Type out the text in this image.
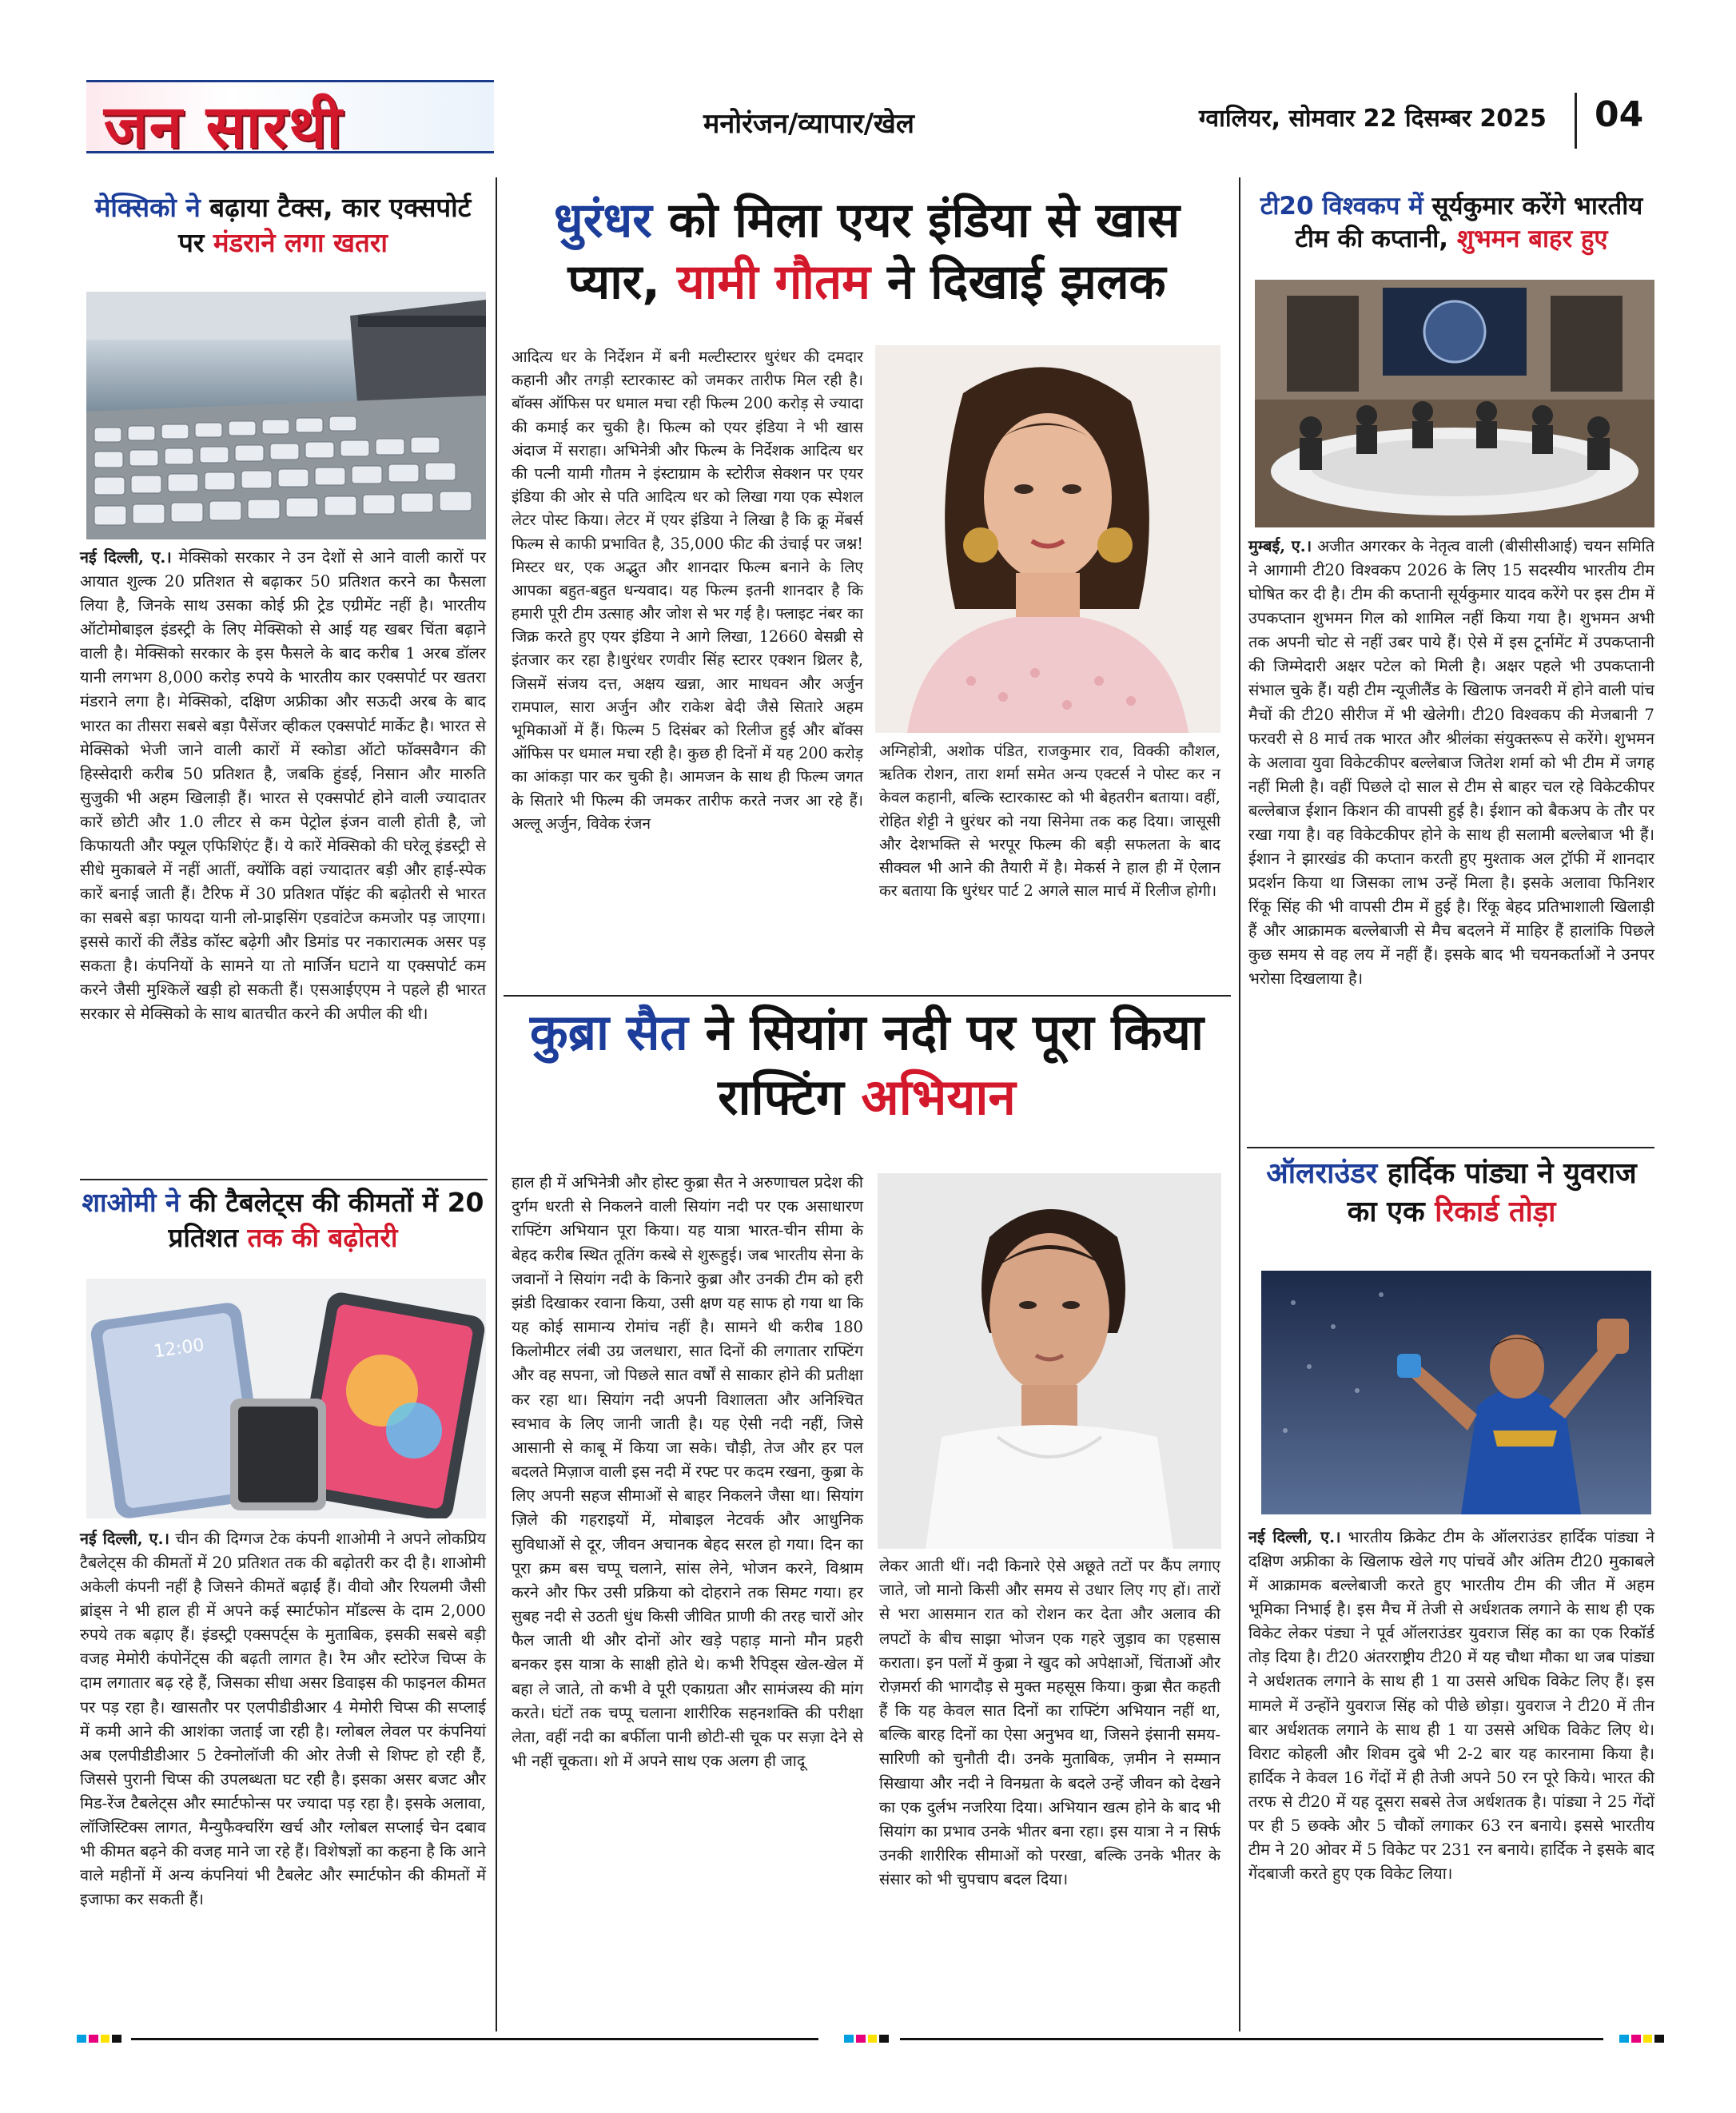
जन सारथी	मनोरंजन/व्यापार/खेल	ग्वालियर, सोमवार 22 दिसम्बर 2025 04
मेक्सिको ने बढ़ाया टैक्स, कार एक्सपोर्ट पर मंडराने लगा खतरा
नई दिल्ली, ए.। मेक्सिको सरकार ने उन देशों से आने वाली कारों पर आयात शुल्क 20 प्रतिशत से बढ़ाकर 50 प्रतिशत करने का फैसला लिया है, जिनके साथ उसका कोई फ्री ट्रेड एग्रीमेंट नहीं है। भारतीय ऑटोमोबाइल इंडस्ट्री के लिए मेक्सिको से आई यह खबर चिंता बढ़ाने वाली है। मेक्सिको सरकार के इस फैसले के बाद करीब 1 अरब डॉलर यानी लगभग 8,000 करोड़ रुपये के भारतीय कार एक्सपोर्ट पर खतरा मंडराने लगा है। मेक्सिको, दक्षिण अफ्रीका और सऊदी अरब के बाद भारत का तीसरा सबसे बड़ा पैसेंजर व्हीकल एक्सपोर्ट मार्केट है। भारत से मेक्सिको भेजी जाने वाली कारों में स्कोडा ऑटो फॉक्सवैगन की हिस्सेदारी करीब 50 प्रतिशत है, जबकि हुंडई, निसान और मारुति सुजुकी भी अहम खिलाड़ी हैं। भारत से एक्सपोर्ट होने वाली ज्यादातर कारें छोटी और 1.0 लीटर से कम पेट्रोल इंजन वाली होती है, जो किफायती और फ्यूल एफिशिएंट हैं। ये कारें मेक्सिको की घरेलू इंडस्ट्री से सीधे मुकाबले में नहीं आतीं, क्योंकि वहां ज्यादातर बड़ी और हाई-स्पेक कारें बनाई जाती हैं। टैरिफ में 30 प्रतिशत पॉइंट की बढ़ोतरी से भारत का सबसे बड़ा फायदा यानी लो-प्राइसिंग एडवांटेज कमजोर पड़ जाएगा। इससे कारों की लैंडेड कॉस्ट बढ़ेगी और डिमांड पर नकारात्मक असर पड़ सकता है। कंपनियों के सामने या तो मार्जिन घटाने या एक्सपोर्ट कम करने जैसी मुश्किलें खड़ी हो सकती हैं। एसआईएएम ने पहले ही भारत सरकार से मेक्सिको के साथ बातचीत करने की अपील की थी।
शाओमी ने की टैबलेट्स की कीमतों में 20 प्रतिशत तक की बढ़ोतरी
12:00
नई दिल्ली, ए.। चीन की दिग्गज टेक कंपनी शाओमी ने अपने लोकप्रिय टैबलेट्स की कीमतों में 20 प्रतिशत तक की बढ़ोतरी कर दी है। शाओमी अकेली कंपनी नहीं है जिसने कीमतें बढ़ाईं हैं। वीवो और रियलमी जैसी ब्रांड्स ने भी हाल ही में अपने कई स्मार्टफोन मॉडल्स के दाम 2,000 रुपये तक बढ़ाए हैं। इंडस्ट्री एक्सपर्ट्स के मुताबिक, इसकी सबसे बड़ी वजह मेमोरी कंपोनेंट्स की बढ़ती लागत है। रैम और स्टोरेज चिप्स के दाम लगातार बढ़ रहे हैं, जिसका सीधा असर डिवाइस की फाइनल कीमत पर पड़ रहा है। खासतौर पर एलपीडीडीआर 4 मेमोरी चिप्स की सप्लाई में कमी आने की आशंका जताई जा रही है। ग्लोबल लेवल पर कंपनियां अब एलपीडीडीआर 5 टेक्नोलॉजी की ओर तेजी से शिफ्ट हो रही हैं, जिससे पुरानी चिप्स की उपलब्धता घट रही है। इसका असर बजट और मिड-रेंज टैबलेट्स और स्मार्टफोन्स पर ज्यादा पड़ रहा है। इसके अलावा, लॉजिस्टिक्स लागत, मैन्युफैक्चरिंग खर्च और ग्लोबल सप्लाई चेन दबाव भी कीमत बढ़ने की वजह माने जा रहे हैं। विशेषज्ञों का कहना है कि आने वाले महीनों में अन्य कंपनियां भी टैबलेट और स्मार्टफोन की कीमतों में इजाफा कर सकती हैं।
धुरंधर को मिला एयर इंडिया से खास प्यार, यामी गौतम ने दिखाई झलक
आदित्य धर के निर्देशन में बनी मल्टीस्टारर धुरंधर की दमदार कहानी और तगड़ी स्टारकास्ट को जमकर तारीफ मिल रही है। बॉक्स ऑफिस पर धमाल मचा रही फिल्म 200 करोड़ से ज्यादा की कमाई कर चुकी है। फिल्म को एयर इंडिया ने भी खास अंदाज में सराहा। अभिनेत्री और फिल्म के निर्देशक आदित्य धर की पत्नी यामी गौतम ने इंस्टाग्राम के स्टोरीज सेक्शन पर एयर इंडिया की ओर से पति आदित्य धर को लिखा गया एक स्पेशल लेटर पोस्ट किया। लेटर में एयर इंडिया ने लिखा है कि क्रू मेंबर्स फिल्म से काफी प्रभावित है, 35,000 फीट की उंचाई पर जश्न! मिस्टर धर, एक अद्भुत और शानदार फिल्म बनाने के लिए आपका बहुत-बहुत धन्यवाद। यह फिल्म इतनी शानदार है कि हमारी पूरी टीम उत्साह और जोश से भर गई है। फ्लाइट नंबर का जिक्र करते हुए एयर इंडिया ने आगे लिखा, 12660 बेसब्री से इंतजार कर रहा है।धुरंधर रणवीर सिंह स्टारर एक्शन थ्रिलर है, जिसमें संजय दत्त, अक्षय खन्ना, आर माधवन और अर्जुन रामपाल, सारा अर्जुन और राकेश बेदी जैसे सितारे अहम भूमिकाओं में हैं। फिल्म 5 दिसंबर को रिलीज हुई और बॉक्स ऑफिस पर धमाल मचा रही है। कुछ ही दिनों में यह 200 करोड़ का आंकड़ा पार कर चुकी है। आमजन के साथ ही फिल्म जगत के सितारे भी फिल्म की जमकर तारीफ करते नजर आ रहे हैं। अल्लू अर्जुन, विवेक रंजन
अग्निहोत्री, अशोक पंडित, राजकुमार राव, विक्की कौशल, ऋतिक रोशन, तारा शर्मा समेत अन्य एक्टर्स ने पोस्ट कर न केवल कहानी, बल्कि स्टारकास्ट को भी बेहतरीन बताया। वहीं, रोहित शेट्टी ने धुरंधर को नया सिनेमा तक कह दिया। जासूसी और देशभक्ति से भरपूर फिल्म की बड़ी सफलता के बाद सीक्वल भी आने की तैयारी में है। मेकर्स ने हाल ही में ऐलान कर बताया कि धुरंधर पार्ट 2 अगले साल मार्च में रिलीज होगी।
कुब्रा सैत ने सियांग नदी पर पूरा किया राफ्टिंग अभियान
हाल ही में अभिनेत्री और होस्ट कुब्रा सैत ने अरुणाचल प्रदेश की दुर्गम धरती से निकलने वाली सियांग नदी पर एक असाधारण राफ्टिंग अभियान पूरा किया। यह यात्रा भारत-चीन सीमा के बेहद करीब स्थित तूतिंग कस्बे से शुरूहुई। जब भारतीय सेना के जवानों ने सियांग नदी के किनारे कुब्रा और उनकी टीम को हरी झंडी दिखाकर रवाना किया, उसी क्षण यह साफ हो गया था कि यह कोई सामान्य रोमांच नहीं है। सामने थी करीब 180 किलोमीटर लंबी उग्र जलधारा, सात दिनों की लगातार राफ्टिंग और वह सपना, जो पिछले सात वर्षों से साकार होने की प्रतीक्षा कर रहा था। सियांग नदी अपनी विशालता और अनिश्चित स्वभाव के लिए जानी जाती है। यह ऐसी नदी नहीं, जिसे आसानी से काबू में किया जा सके। चौड़ी, तेज और हर पल बदलते मिज़ाज वाली इस नदी में रफ्ट पर कदम रखना, कुब्रा के लिए अपनी सहज सीमाओं से बाहर निकलने जैसा था। सियांग ज़िले की गहराइयों में, मोबाइल नेटवर्क और आधुनिक सुविधाओं से दूर, जीवन अचानक बेहद सरल हो गया। दिन का पूरा क्रम बस चप्पू चलाने, सांस लेने, भोजन करने, विश्राम करने और फिर उसी प्रक्रिया को दोहराने तक सिमट गया। हर सुबह नदी से उठती धुंध किसी जीवित प्राणी की तरह चारों ओर फैल जाती थी और दोनों ओर खड़े पहाड़ मानो मौन प्रहरी बनकर इस यात्रा के साक्षी होते थे। कभी रैपिड्स खेल-खेल में बहा ले जाते, तो कभी वे पूरी एकाग्रता और सामंजस्य की मांग करते। घंटों तक चप्पू चलाना शारीरिक सहनशक्ति की परीक्षा लेता, वहीं नदी का बर्फीला पानी छोटी-सी चूक पर सज़ा देने से भी नहीं चूकता। शो में अपने साथ एक अलग ही जादू
लेकर आती थीं। नदी किनारे ऐसे अछूते तटों पर कैंप लगाए जाते, जो मानो किसी और समय से उधार लिए गए हों। तारों से भरा आसमान रात को रोशन कर देता और अलाव की लपटों के बीच साझा भोजन एक गहरे जुड़ाव का एहसास कराता। इन पलों में कुब्रा ने खुद को अपेक्षाओं, चिंताओं और रोज़मर्रा की भागदौड़ से मुक्त महसूस किया। कुब्रा सैत कहती हैं कि यह केवल सात दिनों का राफ्टिंग अभियान नहीं था, बल्कि बारह दिनों का ऐसा अनुभव था, जिसने इंसानी समय-सारिणी को चुनौती दी। उनके मुताबिक, ज़मीन ने सम्मान सिखाया और नदी ने विनम्रता के बदले उन्हें जीवन को देखने का एक दुर्लभ नजरिया दिया। अभियान खत्म होने के बाद भी सियांग का प्रभाव उनके भीतर बना रहा। इस यात्रा ने न सिर्फ उनकी शारीरिक सीमाओं को परखा, बल्कि उनके भीतर के संसार को भी चुपचाप बदल दिया।
टी20 विश्वकप में सूर्यकुमार करेंगे भारतीय टीम की कप्तानी, शुभमन बाहर हुए
मुम्बई, ए.। अजीत अगरकर के नेतृत्व वाली (बीसीसीआई) चयन समिति ने आगामी टी20 विश्वकप 2026 के लिए 15 सदस्यीय भारतीय टीम घोषित कर दी है। टीम की कप्तानी सूर्यकुमार यादव करेंगे पर इस टीम में उपकप्तान शुभमन गिल को शामिल नहीं किया गया है। शुभमन अभी तक अपनी चोट से नहीं उबर पाये हैं। ऐसे में इस टूर्नामेंट में उपकप्तानी की जिम्मेदारी अक्षर पटेल को मिली है। अक्षर पहले भी उपकप्तानी संभाल चुके हैं। यही टीम न्यूजीलैंड के खिलाफ जनवरी में होने वाली पांच मैचों की टी20 सीरीज में भी खेलेगी। टी20 विश्वकप की मेजबानी 7 फरवरी से 8 मार्च तक भारत और श्रीलंका संयुक्तरूप से करेंगे। शुभमन के अलावा युवा विकेटकीपर बल्लेबाज जितेश शर्मा को भी टीम में जगह नहीं मिली है। वहीं पिछले दो साल से टीम से बाहर चल रहे विकेटकीपर बल्लेबाज ईशान किशन की वापसी हुई है। ईशान को बैकअप के तौर पर रखा गया है। वह विकेटकीपर होने के साथ ही सलामी बल्लेबाज भी हैं। ईशान ने झारखंड की कप्तान करती हुए मुश्ताक अल ट्रॉफी में शानदार प्रदर्शन किया था जिसका लाभ उन्हें मिला है। इसके अलावा फिनिशर रिंकू सिंह की भी वापसी टीम में हुई है। रिंकू बेहद प्रतिभाशाली खिलाड़ी हैं और आक्रामक बल्लेबाजी से मैच बदलने में माहिर हैं हालांकि पिछले कुछ समय से वह लय में नहीं हैं। इसके बाद भी चयनकर्ताओं ने उनपर भरोसा दिखलाया है।
ऑलराउंडर हार्दिक पांड्या ने युवराज का एक रिकार्ड तोड़ा
नई दिल्ली, ए.। भारतीय क्रिकेट टीम के ऑलराउंडर हार्दिक पांड्या ने दक्षिण अफ्रीका के खिलाफ खेले गए पांचवें और अंतिम टी20 मुकाबले में आक्रामक बल्लेबाजी करते हुए भारतीय टीम की जीत में अहम भूमिका निभाई है। इस मैच में तेजी से अर्धशतक लगाने के साथ ही एक विकेट लेकर पंड्या ने पूर्व ऑलराउंडर युवराज सिंह का का एक रिकॉर्ड तोड़ दिया है। टी20 अंतरराष्ट्रीय टी20 में यह चौथा मौका था जब पांड्या ने अर्धशतक लगाने के साथ ही 1 या उससे अधिक विकेट लिए हैं। इस मामले में उन्होंने युवराज सिंह को पीछे छोड़ा। युवराज ने टी20 में तीन बार अर्धशतक लगाने के साथ ही 1 या उससे अधिक विकेट लिए थे। विराट कोहली और शिवम दुबे भी 2-2 बार यह कारनामा किया है। हार्दिक ने केवल 16 गेंदों में ही तेजी अपने 50 रन पूरे किये। भारत की तरफ से टी20 में यह दूसरा सबसे तेज अर्धशतक है। पांड्या ने 25 गेंदों पर ही 5 छक्के और 5 चौकों लगाकर 63 रन बनाये। इससे भारतीय टीम ने 20 ओवर में 5 विकेट पर 231 रन बनाये। हार्दिक ने इसके बाद गेंदबाजी करते हुए एक विकेट लिया।
